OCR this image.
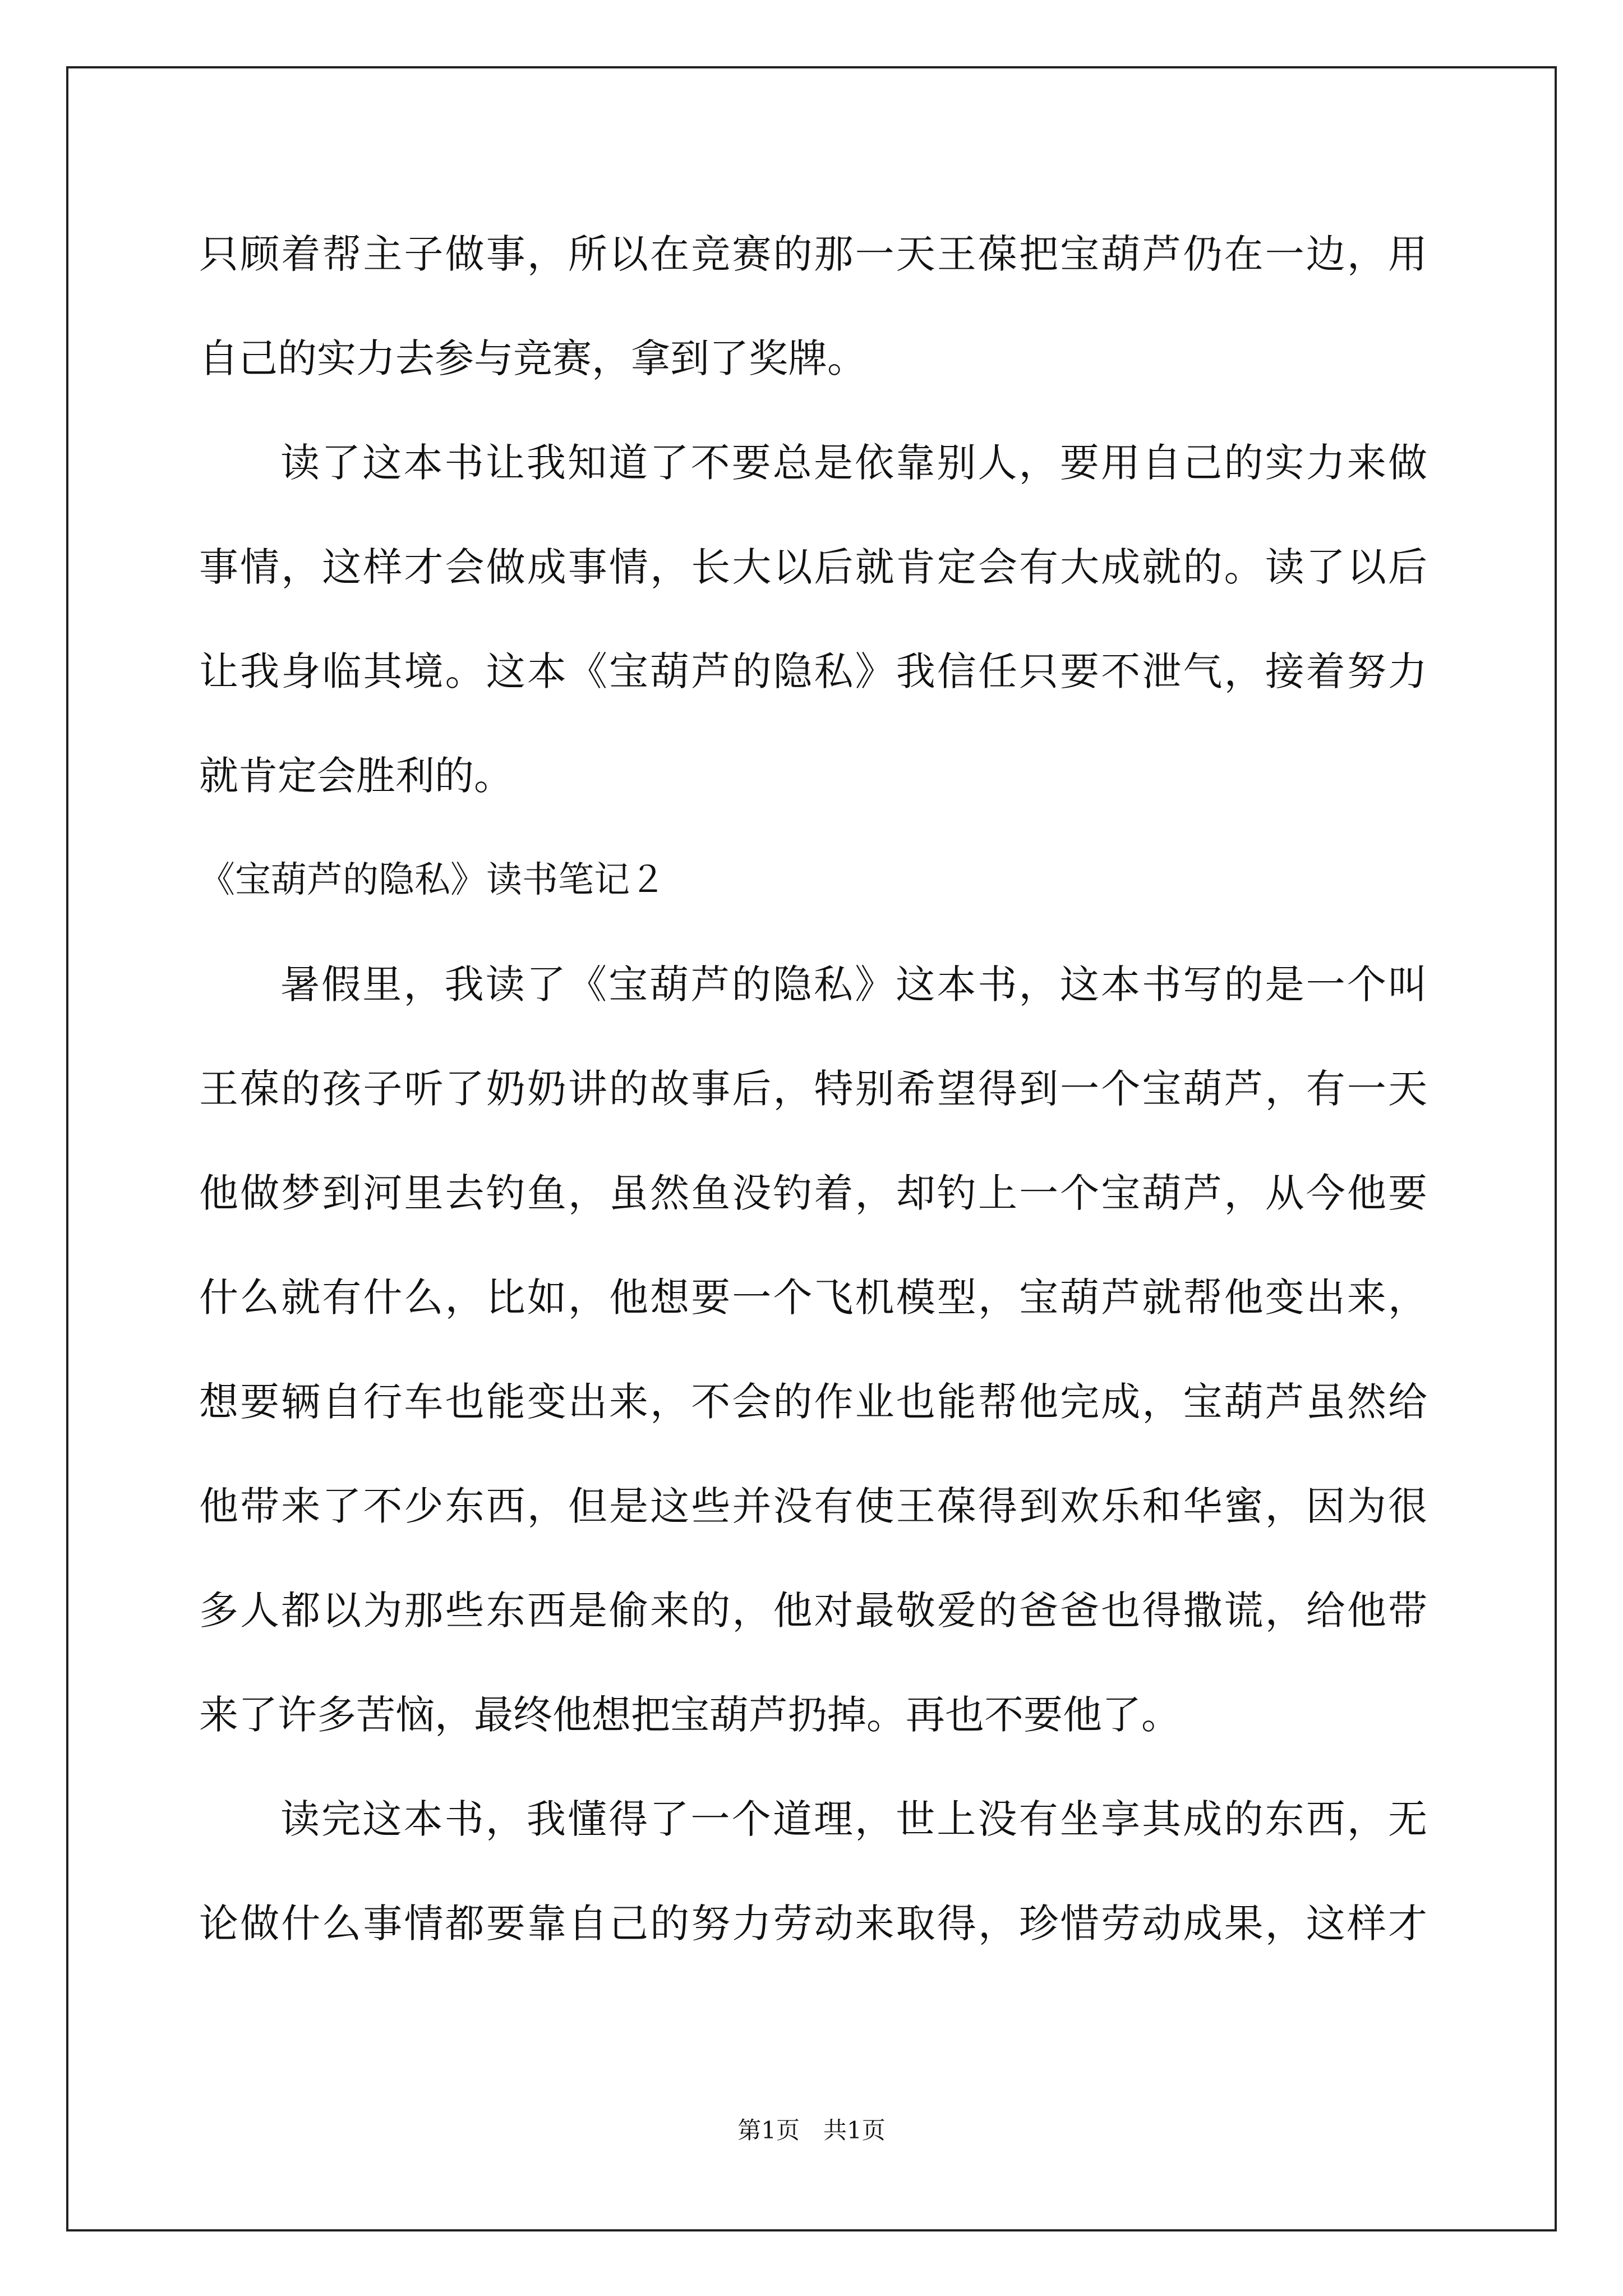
只顾着帮主子做事，所以在竞赛的那一天王葆把宝葫芦仍在一边，用
自己的实力去参与竞赛，拿到了奖牌。
读了这本书让我知道了不要总是依靠别人，要用自己的实力来做
事情，这样才会做成事情，长大以后就肯定会有大成就的。读了以后
让我身临其境。这本《宝葫芦的隐私》我信任只要不泄气，接着努力
就肯定会胜利的。
《宝葫芦的隐私》读书笔记２
暑假里，我读了《宝葫芦的隐私》这本书，这本书写的是一个叫
王葆的孩子听了奶奶讲的故事后，特别希望得到一个宝葫芦，有一天
他做梦到河里去钓鱼，虽然鱼没钓着，却钓上一个宝葫芦，从今他要
什么就有什么，比如，他想要一个飞机模型，宝葫芦就帮他变出来，
想要辆自行车也能变出来，不会的作业也能帮他完成，宝葫芦虽然给
他带来了不少东西，但是这些并没有使王葆得到欢乐和华蜜，因为很
多人都以为那些东西是偷来的，他对最敬爱的爸爸也得撒谎，给他带
来了许多苦恼，最终他想把宝葫芦扔掉。再也不要他了。
读完这本书，我懂得了一个道理，世上没有坐享其成的东西，无
论做什么事情都要靠自己的努力劳动来取得，珍惜劳动成果，这样才
第1页　共1页
